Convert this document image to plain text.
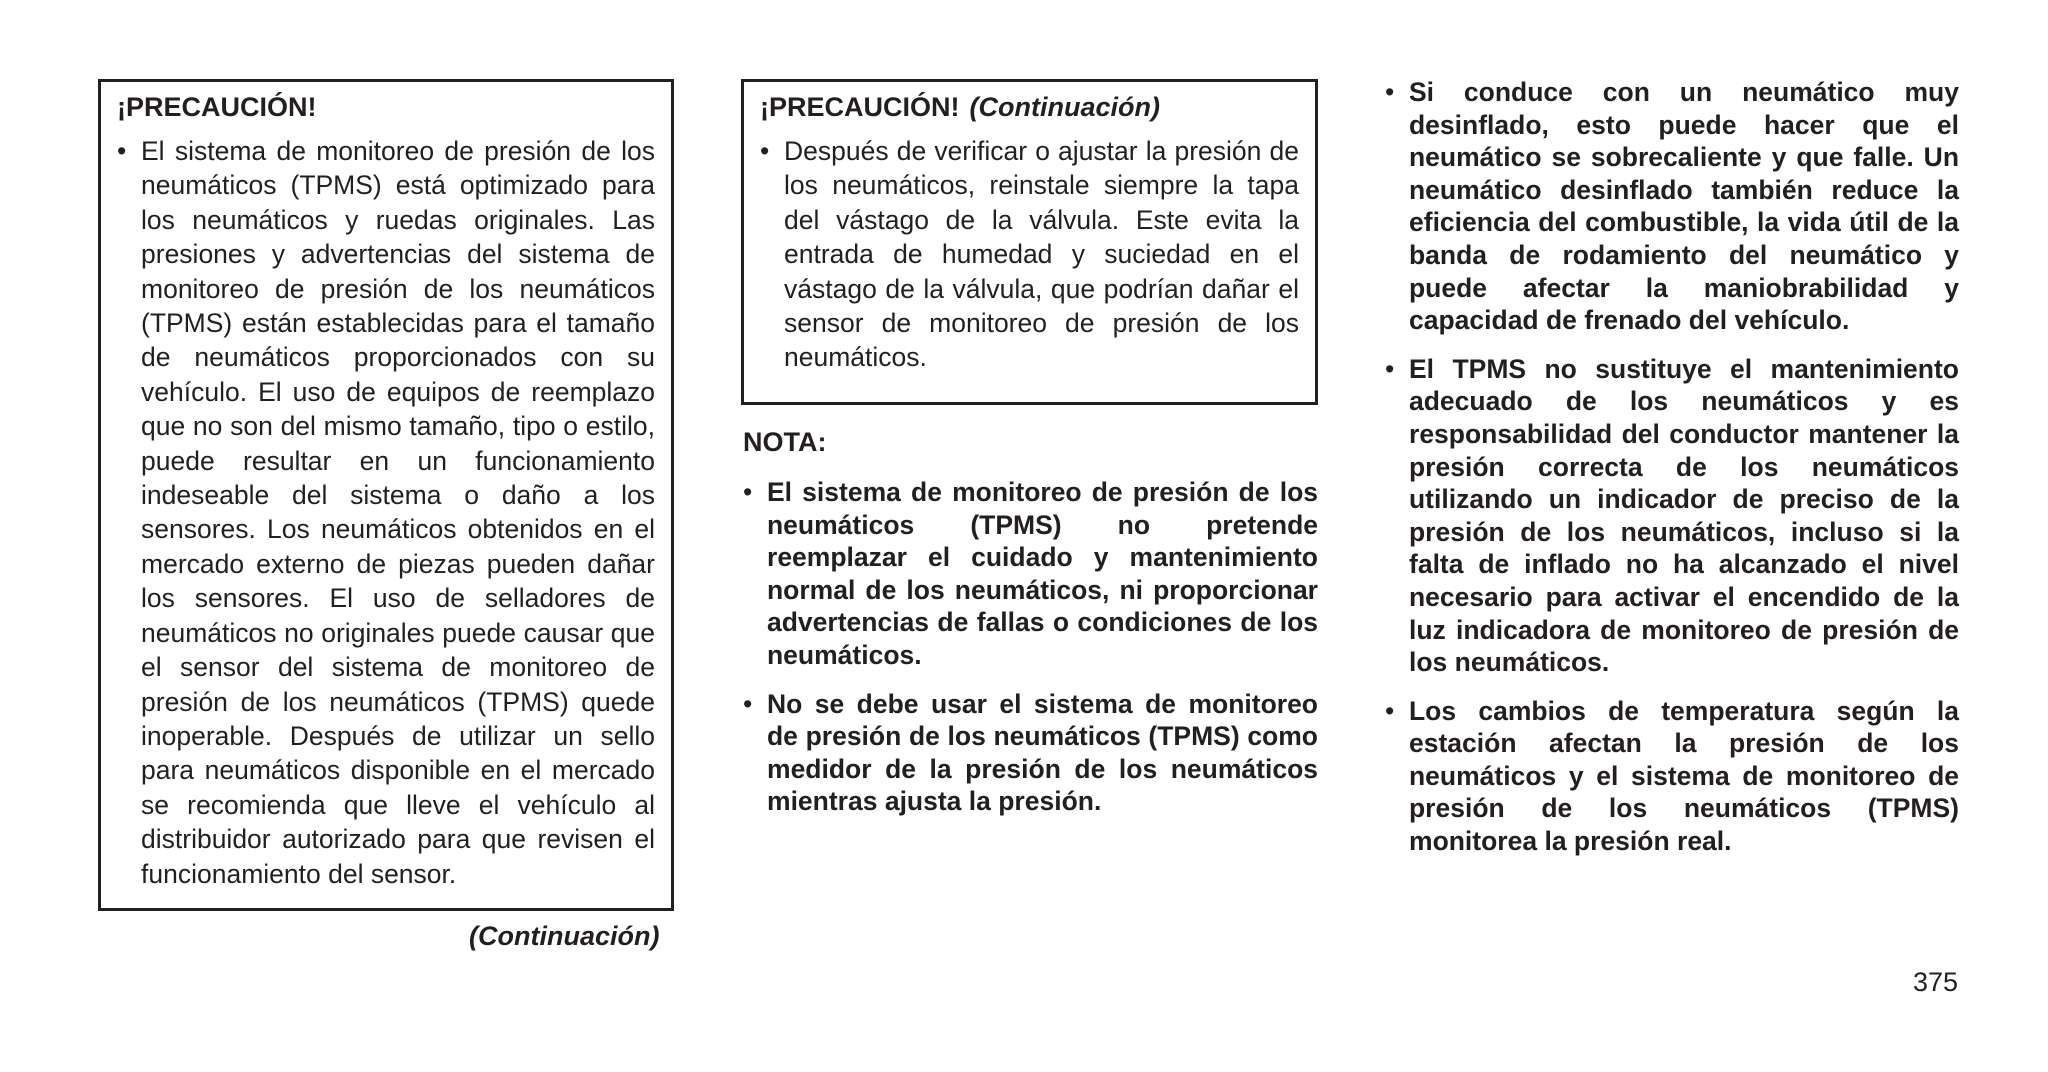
¡PRECAUCIÓN!
• El sistema de monitoreo de presión de los neumáticos (TPMS) está optimizado para los neumáticos y ruedas originales. Las presiones y advertencias del sistema de monitoreo de presión de los neumáticos (TPMS) están establecidas para el tamaño de neumáticos proporcionados con su vehículo. El uso de equipos de reemplazo que no son del mismo tamaño, tipo o estilo, puede resultar en un funcionamiento indeseable del sistema o daño a los sensores. Los neumáticos obtenidos en el mercado externo de piezas pueden dañar los sensores. El uso de selladores de neumáticos no originales puede causar que el sensor del sistema de monitoreo de presión de los neumáticos (TPMS) quede inoperable. Después de utilizar un sello para neumáticos disponible en el mercado se recomienda que lleve el vehículo al distribuidor autorizado para que revisen el funcionamiento del sensor.
(Continuación)
¡PRECAUCIÓN! (Continuación)
• Después de verificar o ajustar la presión de los neumáticos, reinstale siempre la tapa del vástago de la válvula. Este evita la entrada de humedad y suciedad en el vástago de la válvula, que podrían dañar el sensor de monitoreo de presión de los neumáticos.
NOTA:
• El sistema de monitoreo de presión de los neumáticos (TPMS) no pretende reemplazar el cuidado y mantenimiento normal de los neumáticos, ni proporcionar advertencias de fallas o condiciones de los neumáticos.
• No se debe usar el sistema de monitoreo de presión de los neumáticos (TPMS) como medidor de la presión de los neumáticos mientras ajusta la presión.
• Si conduce con un neumático muy desinflado, esto puede hacer que el neumático se sobrecaliente y que falle. Un neumático desinflado también reduce la eficiencia del combustible, la vida útil de la banda de rodamiento del neumático y puede afectar la maniobrabilidad y capacidad de frenado del vehículo.
• El TPMS no sustituye el mantenimiento adecuado de los neumáticos y es responsabilidad del conductor mantener la presión correcta de los neumáticos utilizando un indicador de preciso de la presión de los neumáticos, incluso si la falta de inflado no ha alcanzado el nivel necesario para activar el encendido de la luz indicadora de monitoreo de presión de los neumáticos.
• Los cambios de temperatura según la estación afectan la presión de los neumáticos y el sistema de monitoreo de presión de los neumáticos (TPMS) monitorea la presión real.
375
